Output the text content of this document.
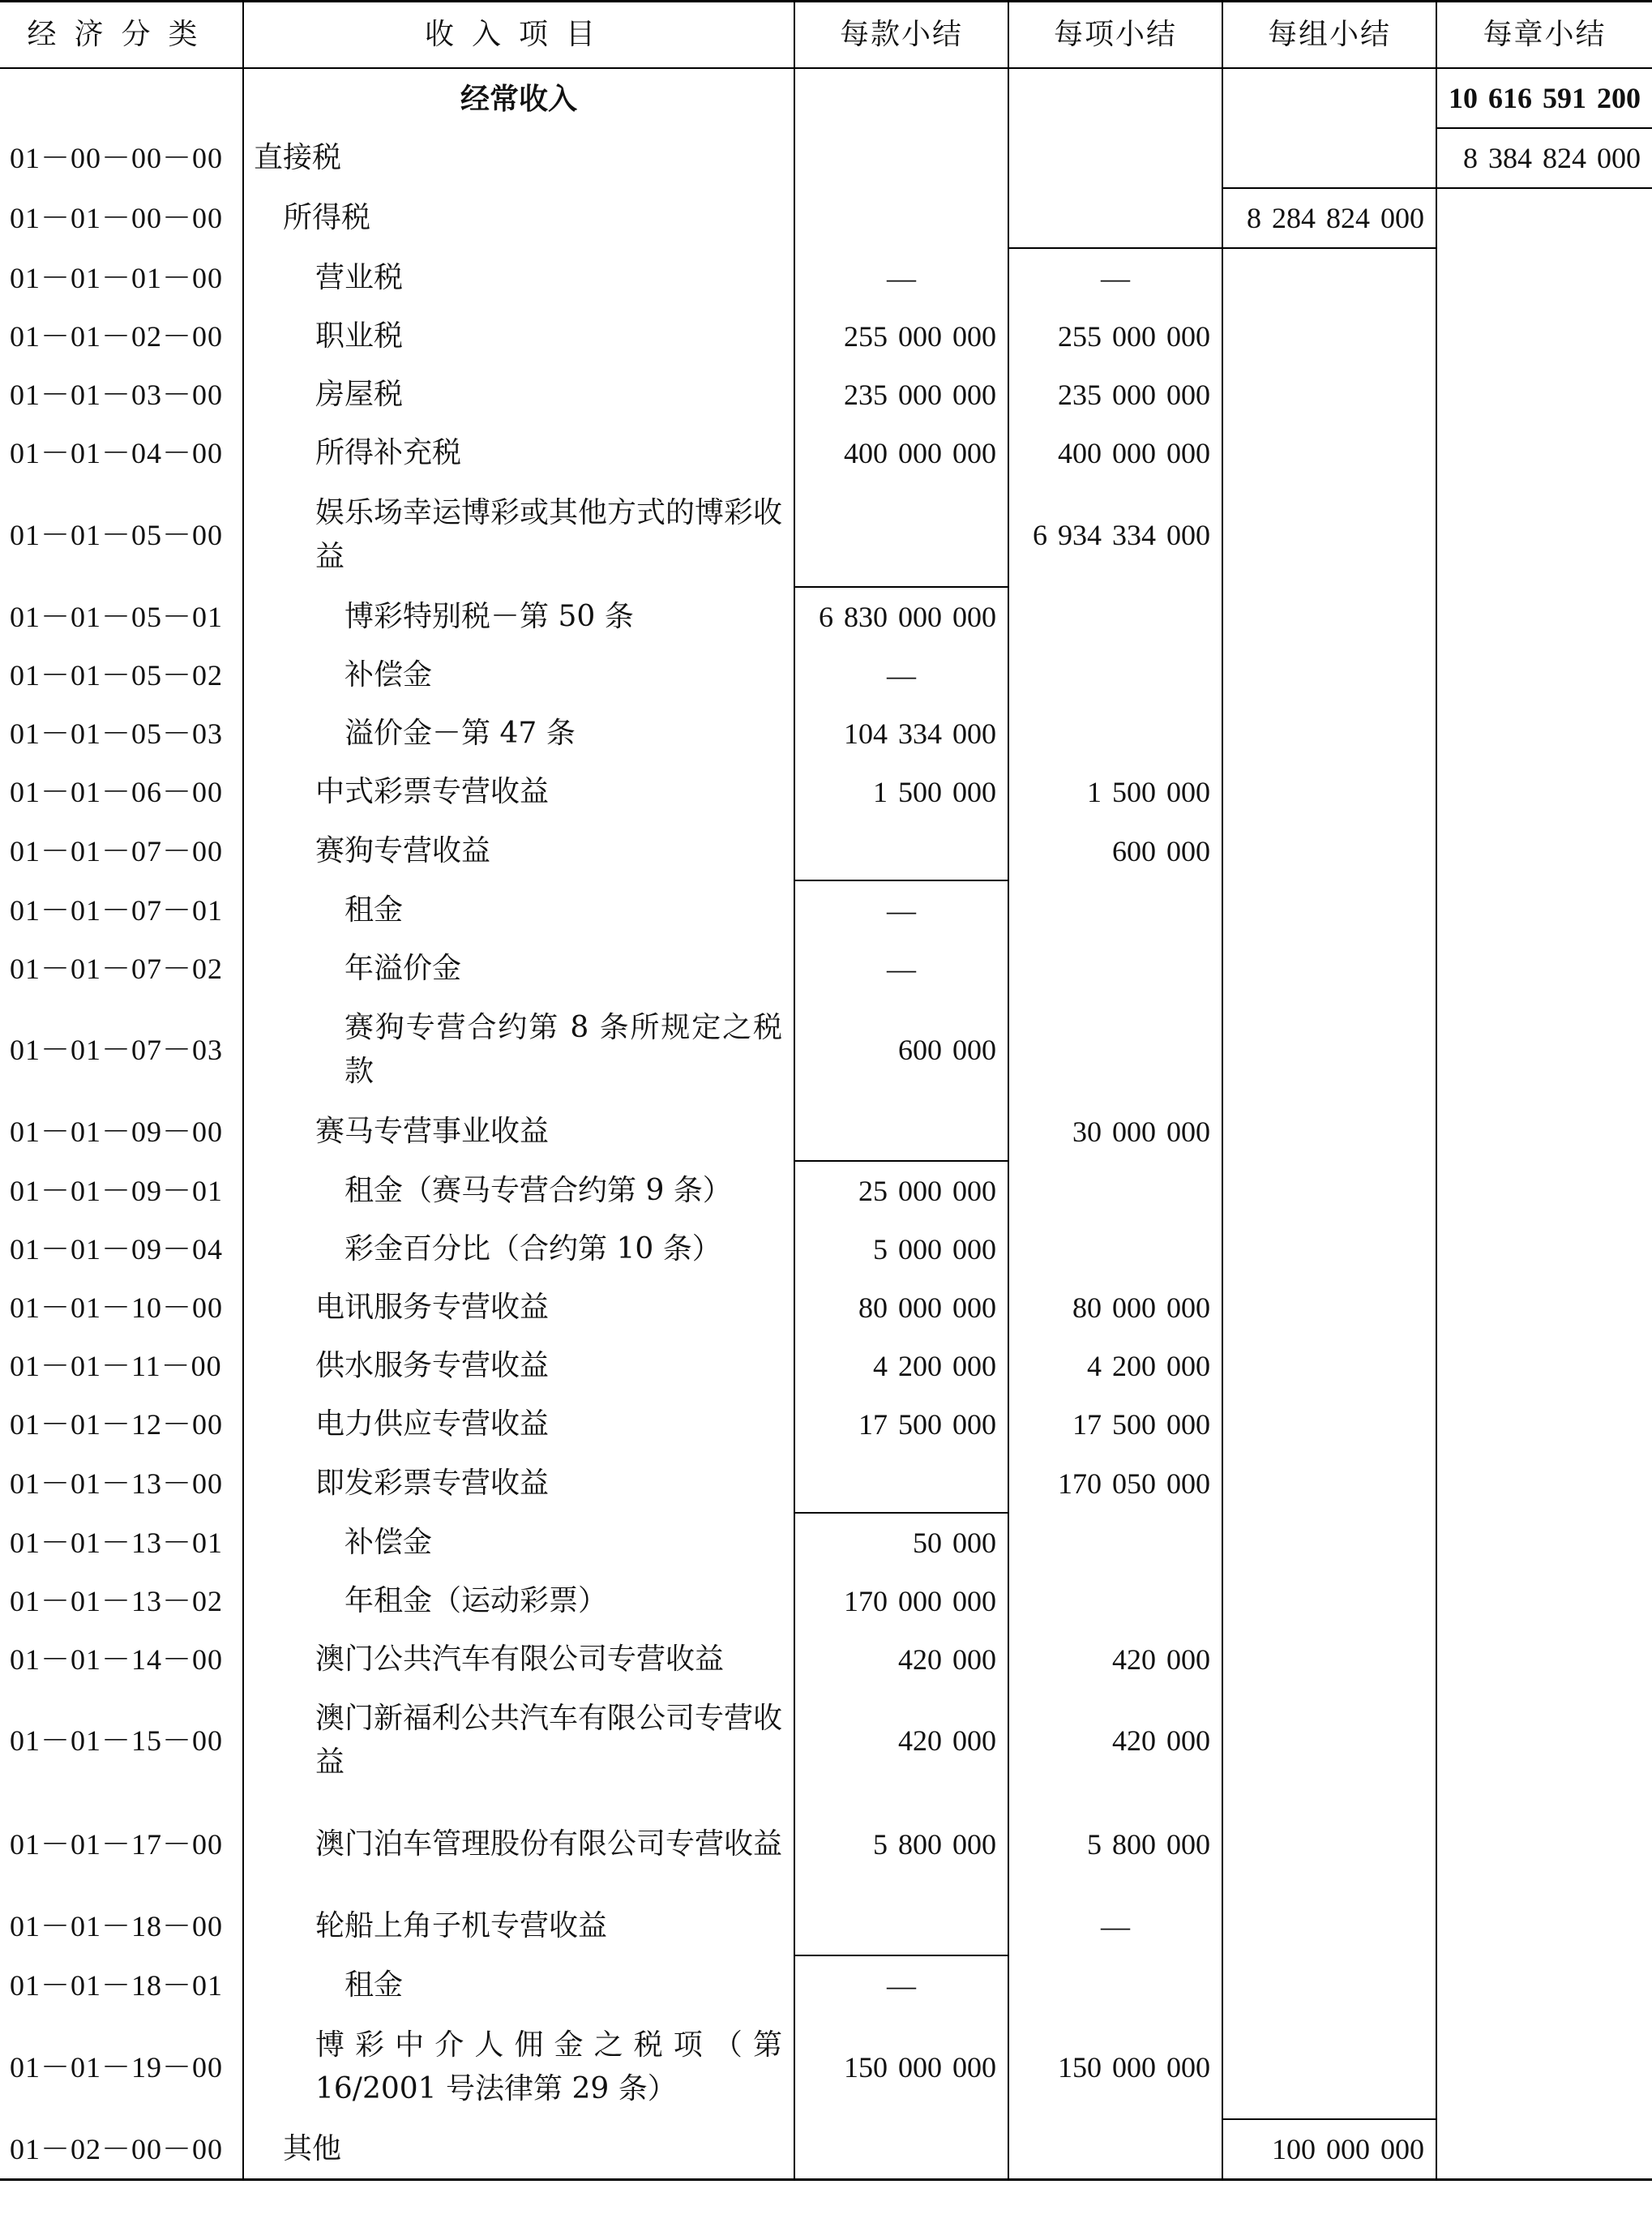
经济分类	收入项目	每款小结	每项小结	每组小结	每章小结
	经常收入				10 616 591 200
01－00－00－00	直接税				8 384 824 000
01－01－00－00	所得税			8 284 824 000	
01－01－01－00	营业税	—	—		
01－01－02－00	职业税	255 000 000	255 000 000		
01－01－03－00	房屋税	235 000 000	235 000 000		
01－01－04－00	所得补充税	400 000 000	400 000 000		
01－01－05－00	娱乐场幸运博彩或其他方式的博彩收益		6 934 334 000		
01－01－05－01	博彩特别税－第 50 条	6 830 000 000			
01－01－05－02	补偿金	—			
01－01－05－03	溢价金－第 47 条	104 334 000			
01－01－06－00	中式彩票专营收益	1 500 000	1 500 000		
01－01－07－00	赛狗专营收益		600 000		
01－01－07－01	租金	—			
01－01－07－02	年溢价金	—			
01－01－07－03	赛狗专营合约第 8 条所规定之税款	600 000			
01－01－09－00	赛马专营事业收益		30 000 000		
01－01－09－01	租金（赛马专营合约第 9 条）	25 000 000			
01－01－09－04	彩金百分比（合约第 10 条）	5 000 000			
01－01－10－00	电讯服务专营收益	80 000 000	80 000 000		
01－01－11－00	供水服务专营收益	4 200 000	4 200 000		
01－01－12－00	电力供应专营收益	17 500 000	17 500 000		
01－01－13－00	即发彩票专营收益		170 050 000		
01－01－13－01	补偿金	50 000			
01－01－13－02	年租金（运动彩票）	170 000 000			
01－01－14－00	澳门公共汽车有限公司专营收益	420 000	420 000		
01－01－15－00	澳门新福利公共汽车有限公司专营收益	420 000	420 000		
01－01－17－00	澳门泊车管理股份有限公司专营收益	5 800 000	5 800 000		
01－01－18－00	轮船上角子机专营收益		—		
01－01－18－01	租金	—			
01－01－19－00	博彩中介人佣金之税项（第 16/2001 号法律第 29 条）	150 000 000	150 000 000		
01－02－00－00	其他			100 000 000	
